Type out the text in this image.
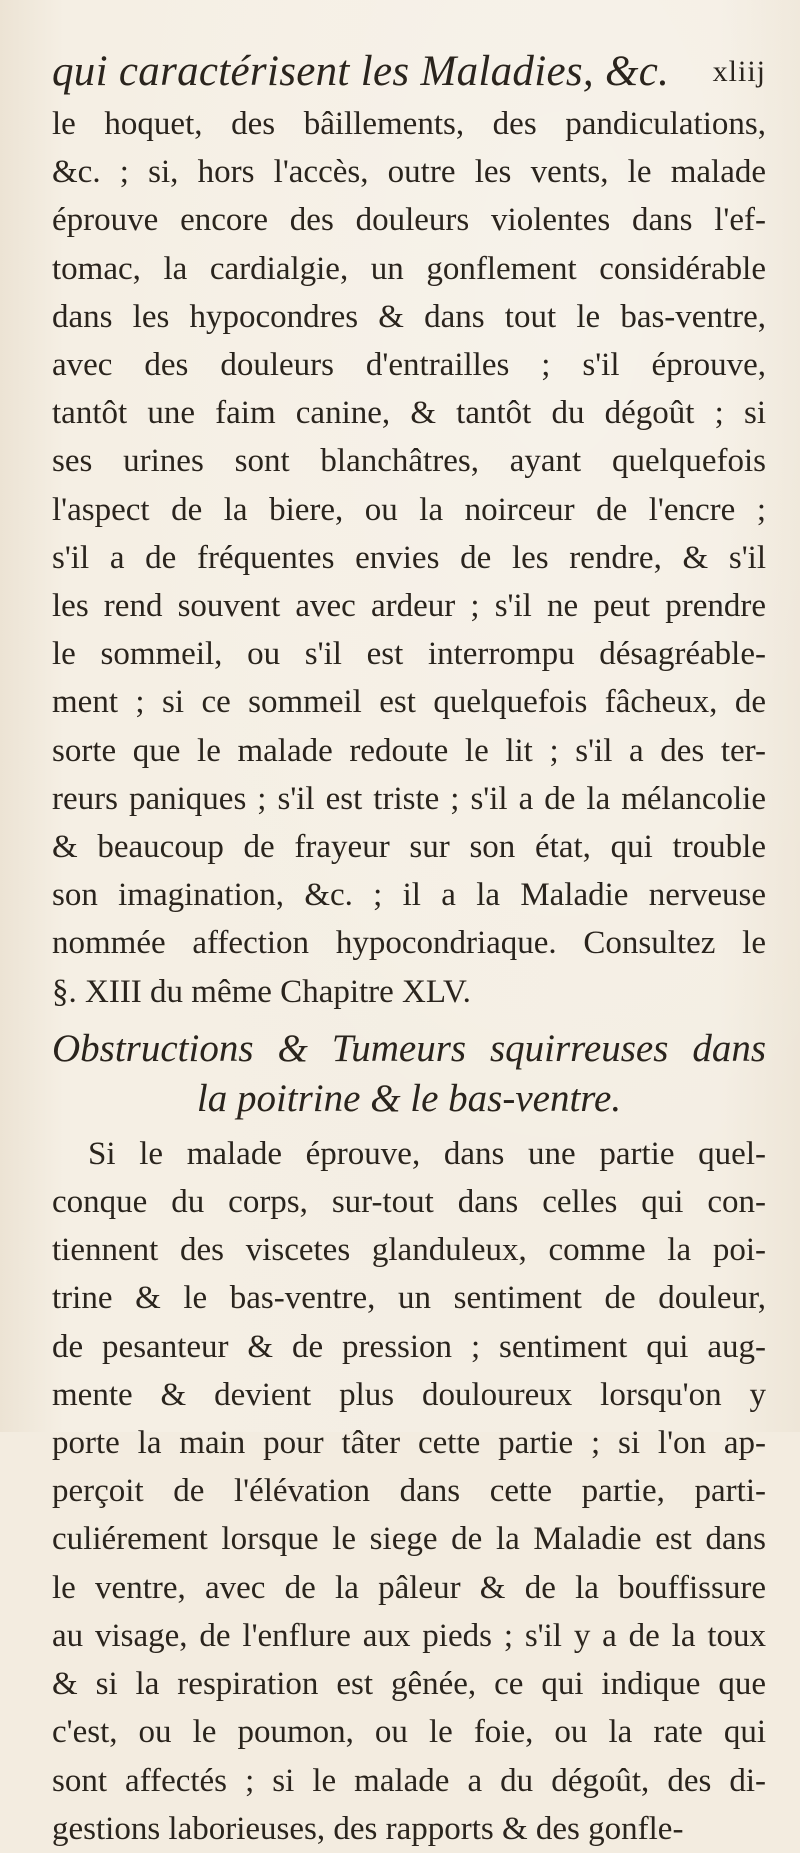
qui caractérisent les Maladies, &c. xliij
le hoquet, des bâillements, des pandiculations,
&c. ; si, hors l'accès, outre les vents, le malade
éprouve encore des douleurs violentes dans l'ef-
tomac, la cardialgie, un gonflement considérable
dans les hypocondres & dans tout le bas-ventre,
avec des douleurs d'entrailles ; s'il éprouve,
tantôt une faim canine, & tantôt du dégoût ; si
ses urines sont blanchâtres, ayant quelquefois
l'aspect de la biere, ou la noirceur de l'encre ;
s'il a de fréquentes envies de les rendre, & s'il
les rend souvent avec ardeur ; s'il ne peut prendre
le sommeil, ou s'il est interrompu désagréable-
ment ; si ce sommeil est quelquefois fâcheux, de
sorte que le malade redoute le lit ; s'il a des ter-
reurs paniques ; s'il est triste ; s'il a de la mélancolie
& beaucoup de frayeur sur son état, qui trouble
son imagination, &c. ; il a la Maladie nerveuse
nommée affection hypocondriaque. Consultez le
§. XIII du même Chapitre XLV.
Obstructions & Tumeurs squirreuses dans
la poitrine & le bas-ventre.
Si le malade éprouve, dans une partie quel-
conque du corps, sur-tout dans celles qui con-
tiennent des viscetes glanduleux, comme la poi-
trine & le bas-ventre, un sentiment de douleur,
de pesanteur & de pression ; sentiment qui aug-
mente & devient plus douloureux lorsqu'on y
porte la main pour tâter cette partie ; si l'on ap-
perçoit de l'élévation dans cette partie, parti-
culiérement lorsque le siege de la Maladie est dans
le ventre, avec de la pâleur & de la bouffissure
au visage, de l'enflure aux pieds ; s'il y a de la toux
& si la respiration est gênée, ce qui indique que
c'est, ou le poumon, ou le foie, ou la rate qui
sont affectés ; si le malade a du dégoût, des di-
gestions laborieuses, des rapports & des gonfle-
